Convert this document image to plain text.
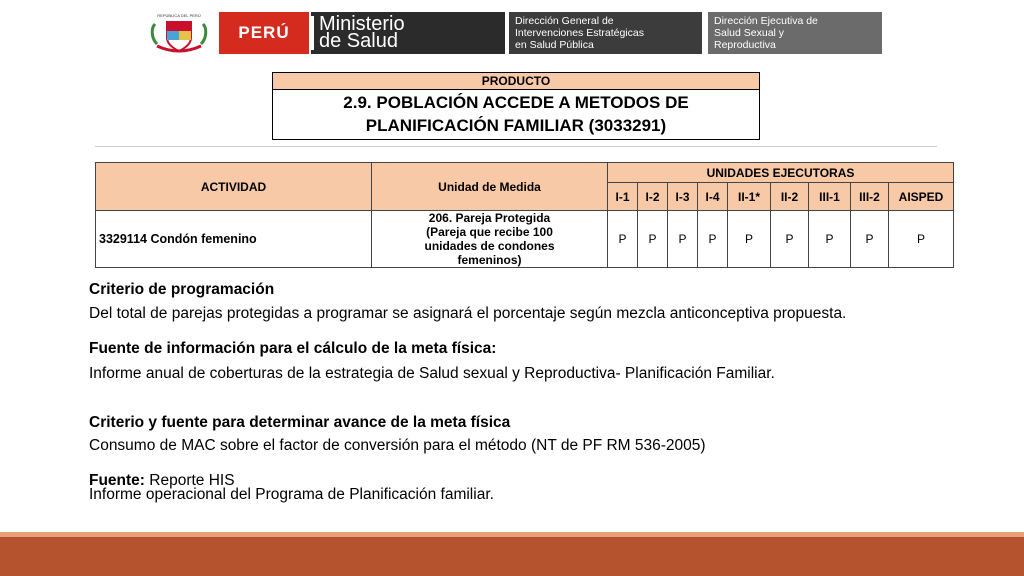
REPÚBLICA DEL PERÚ
PERÚ	Ministerio
de Salud
Dirección General de
Intervenciones Estratégicas
en Salud Pública
Dirección Ejecutiva de
Salud Sexual y
Reproductiva
PRODUCTO
2.9. POBLACIÓN ACCEDE A METODOS DE PLANIFICACIÓN FAMILIAR (3033291)
ACTIVIDAD	Unidad de Medida	UNIDADES EJECUTORAS								
		I-1	I-2	I-3	I-4	II-1*	II-2	III-1	III-2	AISPED
3329114 Condón femenino	206. Pareja Protegida
(Pareja que recibe 100
unidades de condones
femeninos)	P	P	P	P	P	P	P	P	P
Criterio de programación
Del total de parejas protegidas a programar se asignará el porcentaje según mezcla anticonceptiva propuesta.
Fuente de información para el cálculo de la meta física:
Informe anual de coberturas de la estrategia de Salud sexual y Reproductiva- Planificación Familiar.
Criterio y fuente para determinar avance de la meta física
Consumo de MAC sobre el factor de conversión para el método (NT de PF RM 536-2005)
Fuente: Reporte HIS
Informe operacional del Programa de Planificación familiar.
